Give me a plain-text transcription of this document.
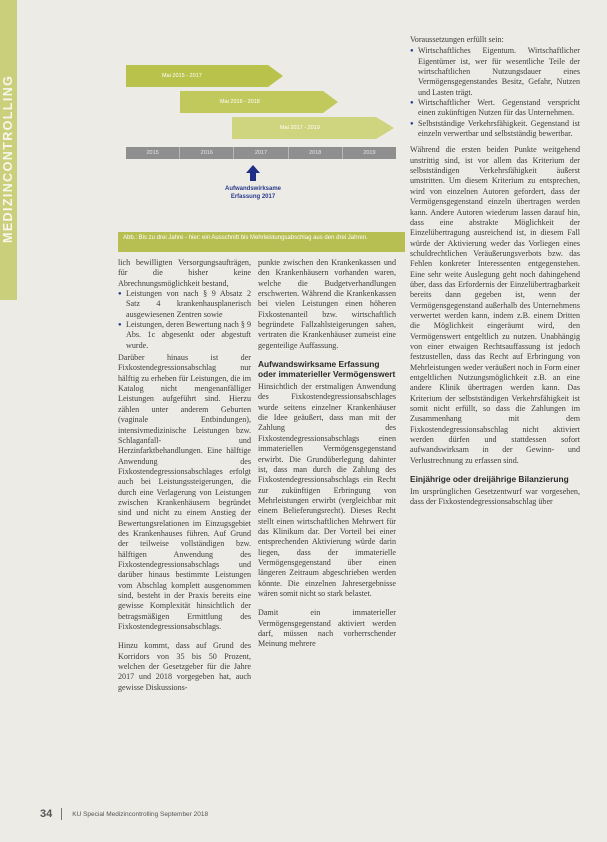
MEDIZINCONTROLLING	Mai 2015 - 2017
Mai 2016 - 2018
Mai 2017 - 2019
2015	2016	2017	2018	2019
Aufwandswirksame
Erfassung 2017
Abb.: Bis zu drei Jahre - hier: ein Ausschnitt bis Mehrleistungsabschlag aus den drei Jahren.

lich bewilligten Versorgungsaufträgen, für die bisher keine Abrechnungsmöglichkeit bestand,

● Leistungen von nach § 9 Absatz 2 Satz 4 krankenhausplanerisch ausgewiesenen Zentren sowie
● Leistungen, deren Bewertung nach § 9 Abs. 1c abgesenkt oder abgestuft wurde.

Darüber hinaus ist der Fixkostendegressionsabschlag nur hälftig zu erheben für Leistungen, die im Katalog nicht mengenanfälliger Leistungen aufgeführt sind. Hierzu zählen unter anderem Geburten (vaginale Entbindungen), intensivmedizinische Leistungen bzw. Schlaganfall- und Herzinfarktbehandlungen. Eine hälftige Anwendung des Fixkostendegressionsabschlages erfolgt auch bei Leistungssteigerungen, die durch eine Verlagerung von Leistungen zwischen Krankenhäusern begründet sind und nicht zu einem Anstieg der Bewertungsrelationen im Einzugsgebiet des Krankenhauses führen. Auf Grund der teilweise vollständigen bzw. hälftigen Anwendung des Fixkostendegressionsabschlags und darüber hinaus bestimmte Leistungen vom Abschlag komplett ausgenommen sind, besteht in der Praxis bereits eine gewisse Komplexität hinsichtlich der betragsmäßigen Ermittlung des Fixkostendegressionsabschlags.

Hinzu kommt, dass auf Grund des Korridors von 35 bis 50 Prozent, welchen der Gesetzgeber für die Jahre 2017 und 2018 vorgegeben hat, auch gewisse Diskussions-

punkte zwischen den Krankenkassen und den Krankenhäusern vorhanden waren, welche die Budgetverhandlungen erschwerten. Während die Krankenkassen bei vielen Leistungen einen höheren Fixkostenanteil bzw. wirtschaftlich begründete Fallzahlsteigerungen sahen, vertraten die Krankenhäuser zumeist eine gegenteilige Auffassung.

Aufwandswirksame Erfassung oder immaterieller Vermögenswert

Hinsichtlich der erstmaligen Anwendung des Fixkostendegressionsabschlages wurde seitens einzelner Krankenhäuser die Idee geäußert, dass man mit der Zahlung des Fixkostendegressionsabschlags einen immateriellen Vermögensgegenstand erwirbt. Die Grundüberlegung dahinter ist, dass man durch die Zahlung des Fixkostendegressionsabschlags ein Recht zur zukünftigen Erbringung von Mehrleistungen erwirbt (vergleichbar mit einem Belieferungsrecht). Dieses Recht stellt einen wirtschaftlichen Mehrwert für das Klinikum dar. Der Vorteil bei einer entsprechenden Aktivierung würde darin liegen, dass der immaterielle Vermögensgegenstand über einen längeren Zeitraum abgeschrieben werden könnte. Die einzelnen Jahresergebnisse wären somit nicht so stark belastet.

Damit ein immaterieller Vermögensgegenstand aktiviert werden darf, müssen nach vorherrschender Meinung mehrere

Voraussetzungen erfüllt sein:

● Wirtschaftliches Eigentum. Wirtschaftlicher Eigentümer ist, wer für wesentliche Teile der wirtschaftlichen Nutzungsdauer eines Vermögensgegenstandes Besitz, Gefahr, Nutzen und Lasten trägt.
● Wirtschaftlicher Wert. Gegenstand verspricht einen zukünftigen Nutzen für das Unternehmen.
● Selbstständige Verkehrsfähigkeit. Gegenstand ist einzeln verwertbar und selbstständig bewertbar.

Während die ersten beiden Punkte weitgehend unstrittig sind, ist vor allem das Kriterium der selbstständigen Verkehrsfähigkeit äußerst umstritten. Um diesem Kriterium zu entsprechen, wird von einzelnen Autoren gefordert, dass der Vermögensgegenstand einzeln übertragen werden kann. Andere Autoren wiederum lassen darauf hin, dass eine abstrakte Möglichkeit der Einzelübertragung ausreichend ist, in diesem Fall würde der Aktivierung weder das Vorliegen eines schuldrechtlichen Veräußerungsverbots bzw. das Fehlen konkreter Interessenten entgegenstehen. Eine sehr weite Auslegung geht noch dahingehend über, dass das Erfordernis der Einzelübertragbarkeit bereits dann gegeben ist, wenn der Vermögensgegenstand außerhalb des Unternehmens verwertet werden kann, indem z.B. einem Dritten die Möglichkeit eingeräumt wird, den Vermögenswert entgeltlich zu nutzen. Unabhängig von einer etwaigen Rechtsauffassung ist jedoch festzustellen, dass das Recht auf Erbringung von Mehrleistungen weder veräußert noch in Form einer entgeltlichen Nutzungsmöglichkeit z.B. an eine andere Klinik übertragen werden kann. Das Kriterium der selbstständigen Verkehrsfähigkeit ist somit nicht erfüllt, so dass die Zahlungen im Zusammenhang mit dem Fixkostendegressionsabschlag nicht aktiviert werden dürfen und stattdessen sofort aufwandswirksam in der Gewinn- und Verlustrechnung zu erfassen sind.

Einjährige oder dreijährige Bilanzierung

Im ursprünglichen Gesetzentwurf war vorgesehen, dass der Fixkostendegressionsabschlag über

34	KU Special Medizincontrolling September 2018
